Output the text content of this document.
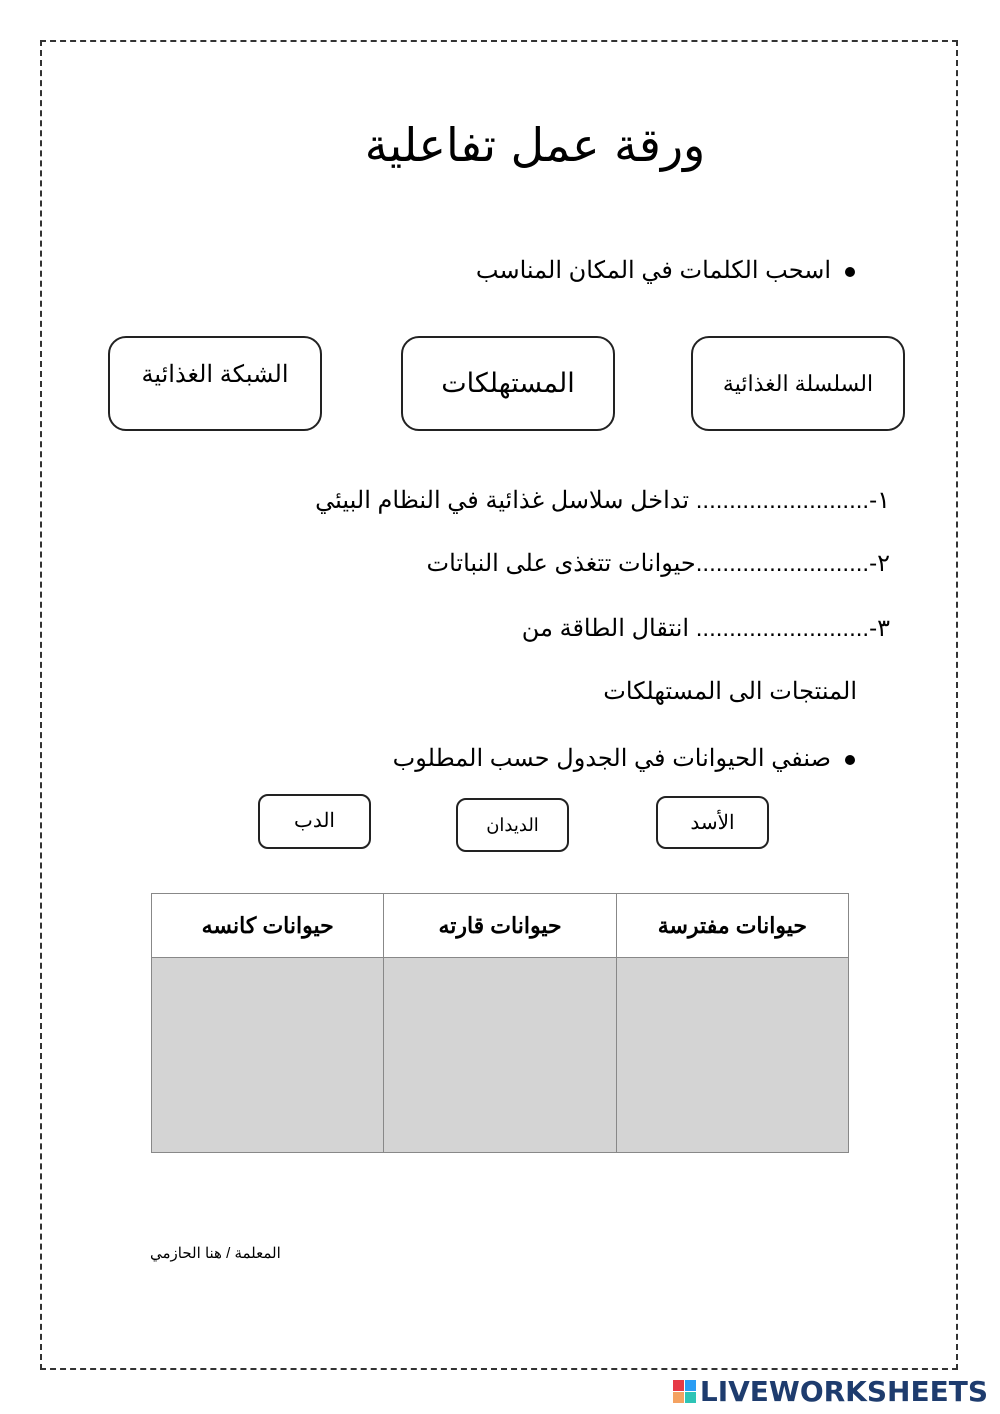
ورقة عمل تفاعلية
اسحب الكلمات في المكان المناسب
السلسلة الغذائية
المستهلكات
الشبكة الغذائية
١-.......................... تداخل سلاسل غذائية في النظام البيئي
٢-..........................حيوانات تتغذى على النباتات
٣-.......................... انتقال الطاقة من
المنتجات الى المستهلكات
صنفي الحيوانات في الجدول حسب المطلوب
الأسد
الديدان
الدب
حيوانات مفترسة	حيوانات قارته	حيوانات كانسه

المعلمة / هنا الحازمي
LIVEWORKSHEETS
